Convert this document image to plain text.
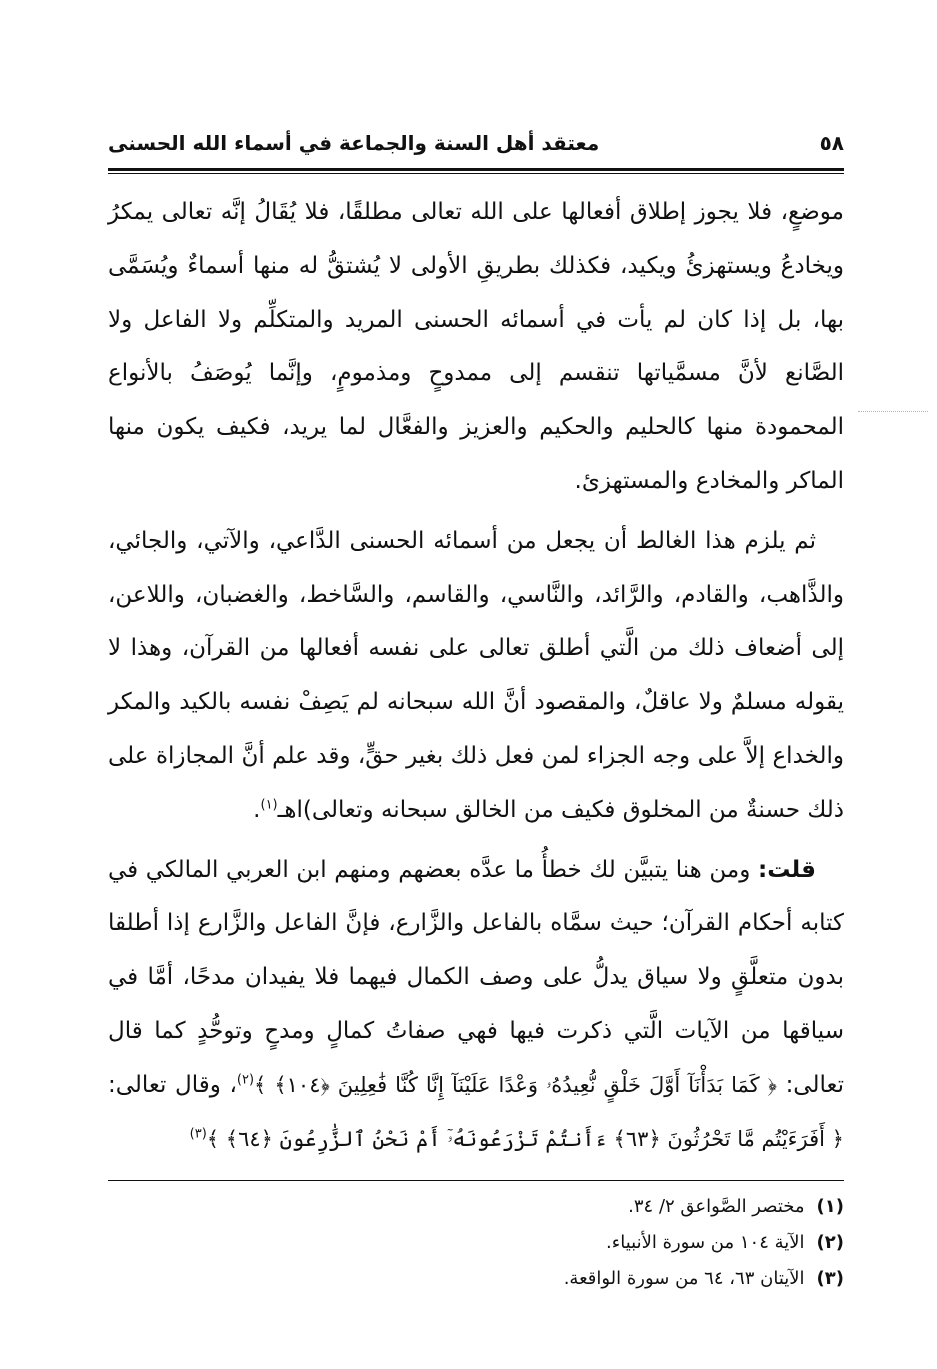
٥٨
معتقد أهل السنة والجماعة في أسماء الله الحسنى

موضعٍ، فلا يجوز إطلاق أفعالها على الله تعالى مطلقًا، فلا يُقَالُ إنَّه تعالى يمكرُ ويخادعُ ويستهزئُ ويكيد، فكذلك بطريقِ الأولى لا يُشتقُّ له منها أسماءٌ ويُسَمَّى بها، بل إذا كان لم يأت في أسمائه الحسنى المريد والمتكلِّم ولا الفاعل ولا الصَّانع لأنَّ مسمَّياتها تنقسم إلى ممدوحٍ ومذمومٍ، وإنَّما يُوصَفُ بالأنواع المحمودة منها كالحليم والحكيم والعزيز والفعَّال لما يريد، فكيف يكون منها الماكر والمخادع والمستهزئ.

ثم يلزم هذا الغالط أن يجعل من أسمائه الحسنى الدَّاعي، والآتي، والجائي، والذَّاهب، والقادم، والرَّائد، والنَّاسي، والقاسم، والسَّاخط، والغضبان، واللاعن، إلى أضعاف ذلك من الَّتي أطلق تعالى على نفسه أفعالها من القرآن، وهذا لا يقوله مسلمٌ ولا عاقلٌ، والمقصود أنَّ الله سبحانه لم يَصِفْ نفسه بالكيد والمكر والخداع إلاَّ على وجه الجزاء لمن فعل ذلك بغير حقٍّ، وقد علم أنَّ المجازاة على ذلك حسنةٌ من المخلوق فكيف من الخالق سبحانه وتعالى)اهـ$^{(١)}$.

قلت: ومن هنا يتبيَّن لك خطأُ ما عدَّه بعضهم ومنهم ابن العربي المالكي في كتابه أحكام القرآن؛ حيث سمَّاه بالفاعل والزَّارع، فإنَّ الفاعل والزَّارع إذا أطلقا بدون متعلَّقٍ ولا سياق يدلُّ على وصف الكمال فيهما فلا يفيدان مدحًا، أمَّا في سياقها من الآيات الَّتي ذكرت فيها فهي صفاتُ كمالٍ ومدحٍ وتوحُّدٍ كما قال تعالى: ﴿ كَمَا بَدَأْنَآ أَوَّلَ خَلْقٍ نُّعِيدُهُۥ وَعْدًا عَلَيْنَآ إِنَّا كُنَّا فَٰعِلِينَ ﴿١٠٤﴾ ﴾$^{(٢)}$، وقال تعالى: ﴿ أَفَرَءَيْتُم مَّا تَحْرُثُونَ ﴿٦٣﴾ ءَأَنتُمْ تَزْرَعُونَهُۥٓ أَمْ نَحْنُ ٱلزَّٰرِعُونَ ﴿٦٤﴾ ﴾$^{(٣)}$

(١)
مختصر الصَّواعق ٢/ ٣٤.
(٢)
الآية ١٠٤ من سورة الأنبياء.
(٣)
الآيتان ٦٣، ٦٤ من سورة الواقعة.
